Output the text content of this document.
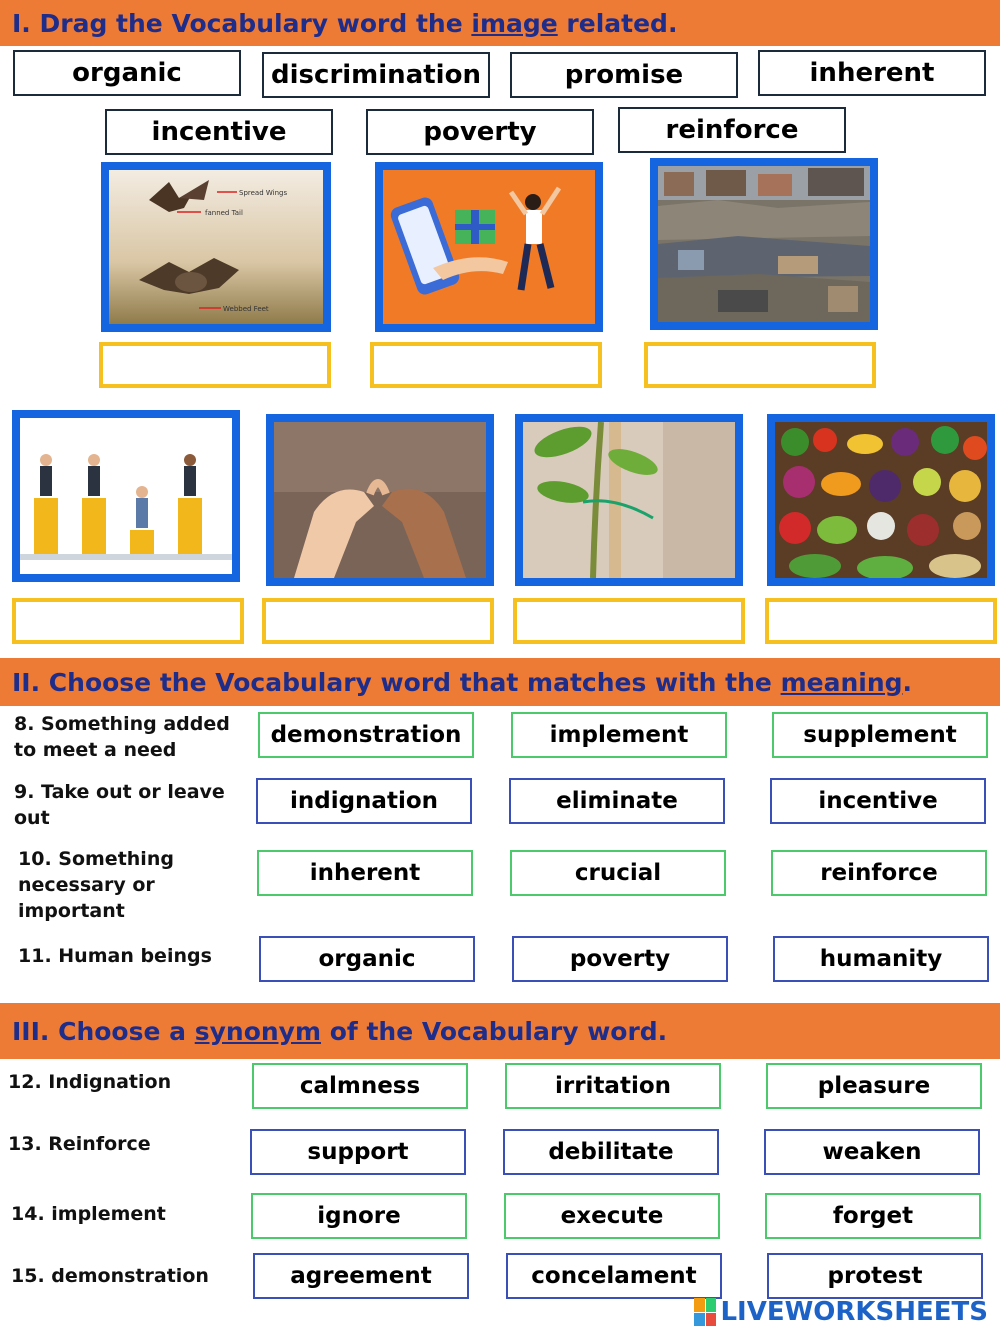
I. Drag the Vocabulary word the image related.
organic	discrimination	promise	inherent
incentive	poverty	reinforce
Spread Wings
fanned Tail
Webbed Feet
II. Choose the Vocabulary word that matches with the meaning .
8. Something added to meet a need
demonstration	implement	supplement
9. Take out or leave out
indignation	eliminate	incentive
10. Something necessary or important
inherent	crucial	reinforce
11. Human beings	organic	poverty	humanity
III. Choose a synonym of the Vocabulary word.
12. Indignation	calmness	irritation	pleasure
13. Reinforce	support	debilitate	weaken
14. implement	ignore	execute	forget
15. demonstration	agreement	concelament	protest
LIVEWORKSHEETS
